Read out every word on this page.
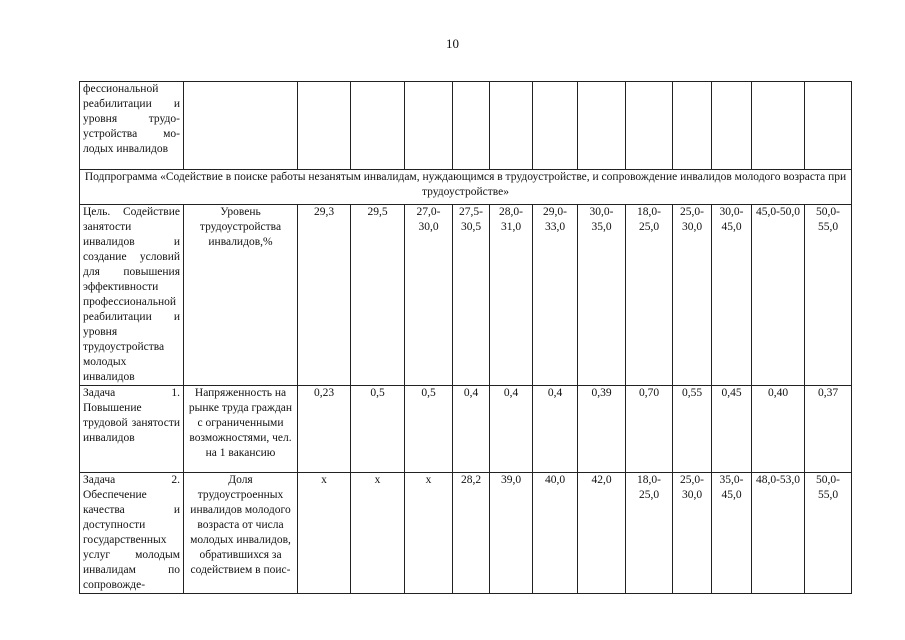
10
фессиональной реабилитации и уровня трудо-устройства мо-лодых инвалидов													
Подпрограмма «Содействие в поиске работы незанятым инвалидам, нуждающимся в трудоустройстве, и сопровождение инвалидов молодого возраста при трудоустройстве»													
Цель. Содействие занятости инвалидов и создание условий для повышения эффективности профессиональной реабилитации и уровня трудоустройства молодых инвалидов	Уровень трудоустройства инвалидов,%	29,3	29,5	27,0-30,0	27,5-30,5	28,0-31,0	29,0-33,0	30,0-35,0	18,0-25,0	25,0-30,0	30,0-45,0	45,0-50,0	50,0-55,0
Задача 1. Повышение трудовой занятости инвалидов	Напряженность на рынке труда граждан с ограниченными возможностями, чел. на 1 вакансию	0,23	0,5	0,5	0,4	0,4	0,4	0,39	0,70	0,55	0,45	0,40	0,37
Задача 2. Обеспечение качества и доступности государственных услуг молодым инвалидам по сопровожде-	Доля трудоустроенных инвалидов молодого возраста от числа молодых инвалидов, обратившихся за содействием в поис-	х	х	х	28,2	39,0	40,0	42,0	18,0-25,0	25,0-30,0	35,0-45,0	48,0-53,0	50,0-55,0
